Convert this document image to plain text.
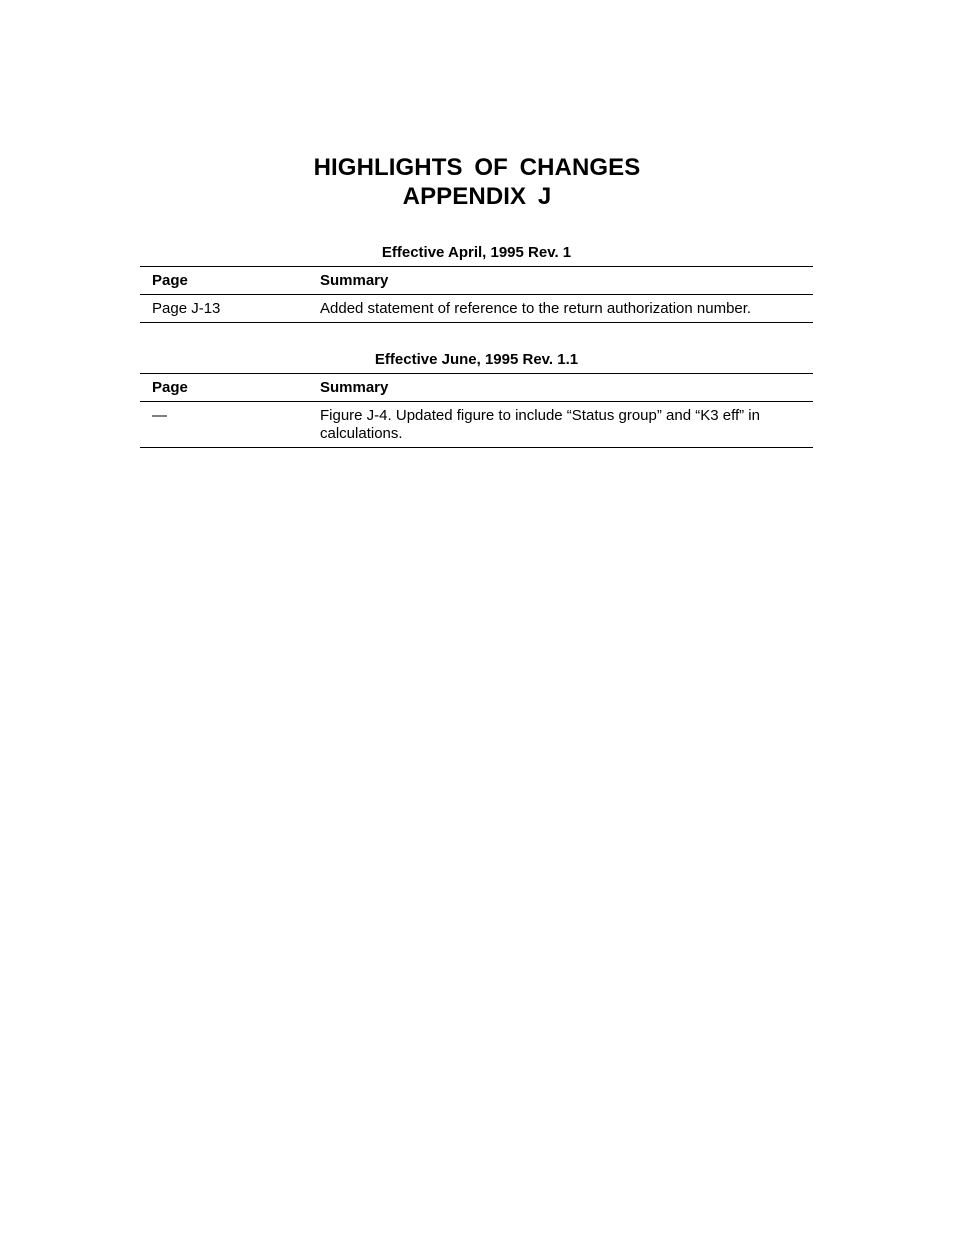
HIGHLIGHTS OF CHANGES
APPENDIX J
Effective April, 1995 Rev. 1
Page	Summary
Page J-13	Added statement of reference to the return authorization number.
Effective June, 1995 Rev. 1.1
Page	Summary
—	Figure J-4. Updated figure to include “Status group” and “K3 eff” in calculations.
